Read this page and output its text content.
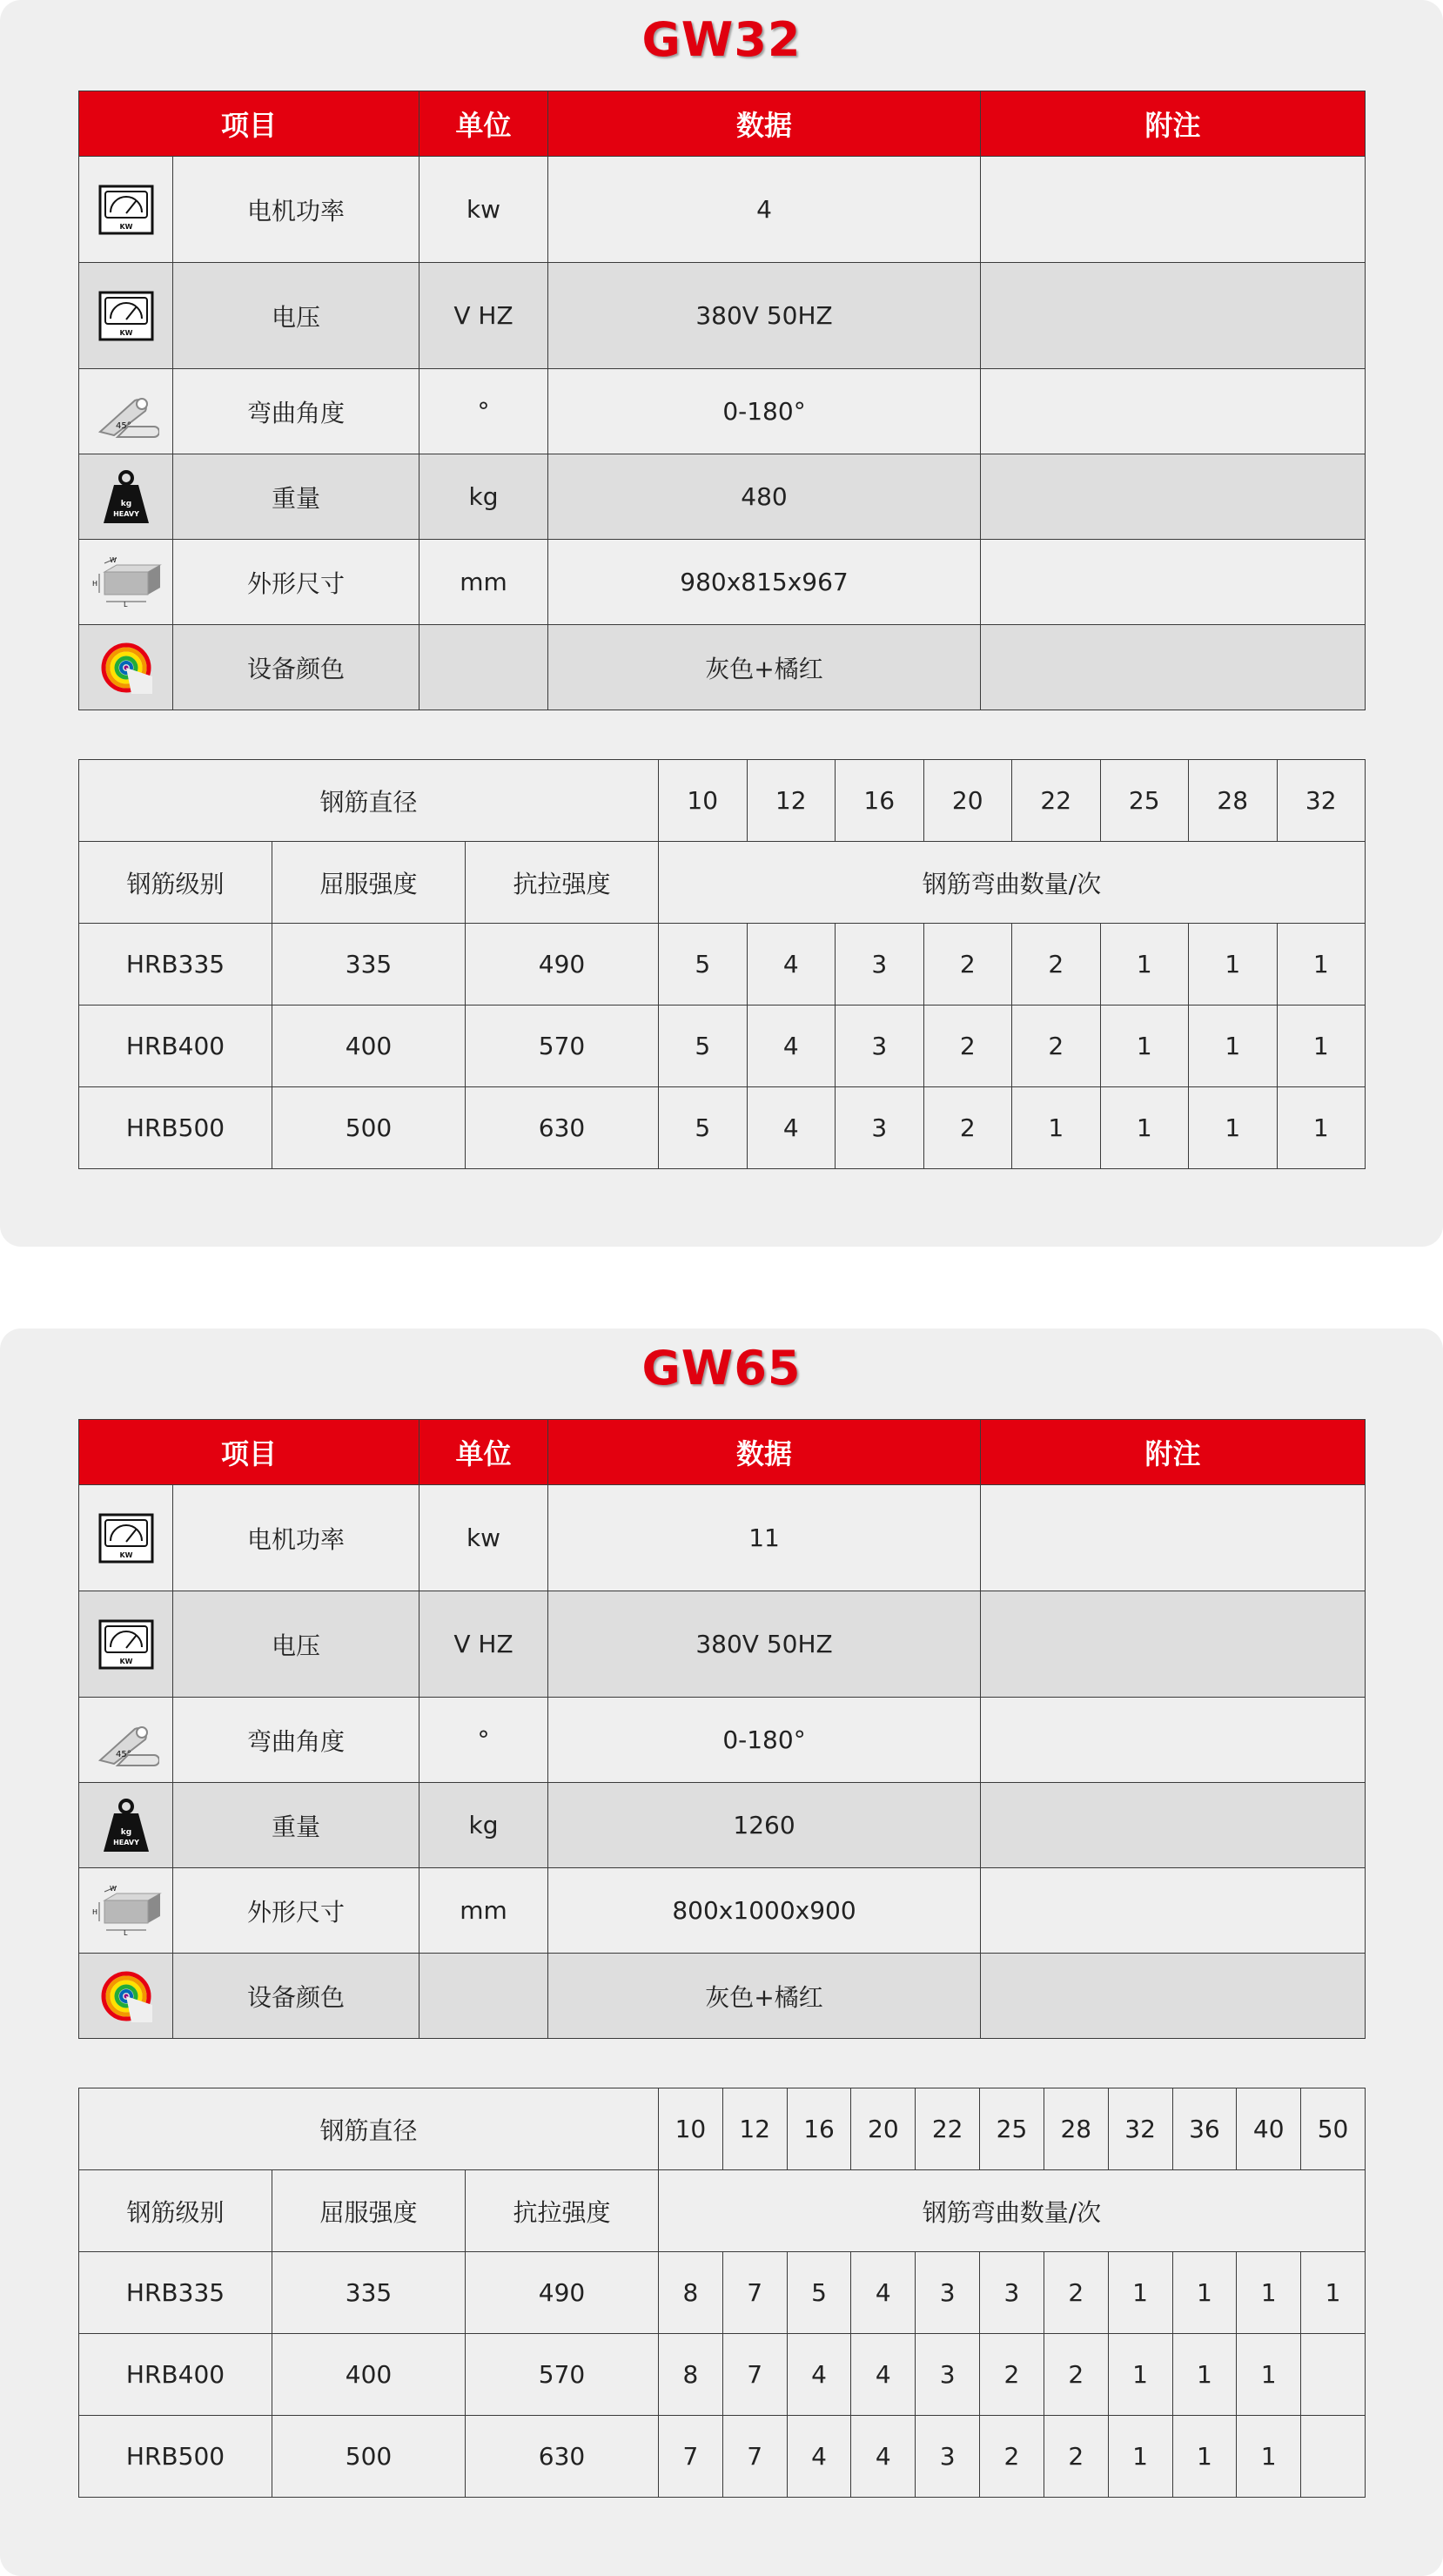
GW32
项目		单位	数据	附注

KW	电机功率	kw	4	

KW	电压	V HZ	380V 50HZ	

45°	弯曲角度	°	0-180°	

kg
HEAVY	重量	kg	480	

W
H
L	外形尺寸	mm	980x815x967	

	设备颜色		灰色+橘红	
钢筋直径			10	12	16	20	22	25	28	32
钢筋级别	屈服强度	抗拉强度	钢筋弯曲数量/次							
HRB335	335	490	5	4	3	2	2	1	1	1
HRB400	400	570	5	4	3	2	2	1	1	1
HRB500	500	630	5	4	3	2	1	1	1	1
GW65
项目		单位	数据	附注

KW	电机功率	kw	11	

KW	电压	V HZ	380V 50HZ	

45°	弯曲角度	°	0-180°	

kg
HEAVY	重量	kg	1260	

W
H
L	外形尺寸	mm	800x1000x900	

	设备颜色		灰色+橘红	
钢筋直径			10	12	16	20	22	25	28	32	36	40	50
钢筋级别	屈服强度	抗拉强度	钢筋弯曲数量/次										
HRB335	335	490	8	7	5	4	3	3	2	1	1	1	1
HRB400	400	570	8	7	4	4	3	2	2	1	1	1	
HRB500	500	630	7	7	4	4	3	2	2	1	1	1	
